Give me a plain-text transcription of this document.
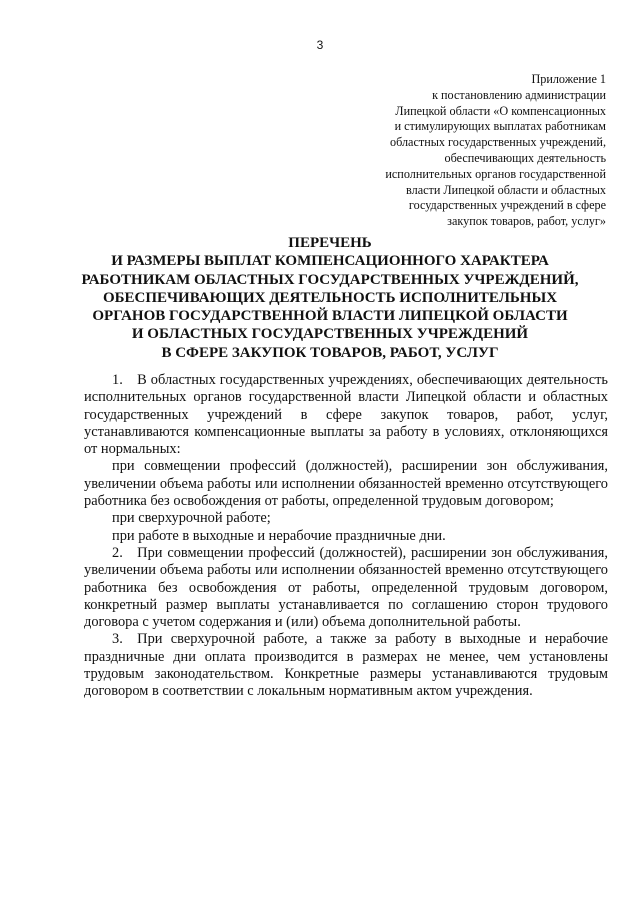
3
Приложение 1
к постановлению администрации
Липецкой области «О компенсационных
и стимулирующих выплатах работникам
областных государственных учреждений,
обеспечивающих деятельность
исполнительных органов государственной
власти Липецкой области и областных
государственных учреждений в сфере
закупок товаров, работ, услуг»
ПЕРЕЧЕНЬ
И РАЗМЕРЫ ВЫПЛАТ КОМПЕНСАЦИОННОГО ХАРАКТЕРА
РАБОТНИКАМ ОБЛАСТНЫХ ГОСУДАРСТВЕННЫХ УЧРЕЖДЕНИЙ,
ОБЕСПЕЧИВАЮЩИХ ДЕЯТЕЛЬНОСТЬ ИСПОЛНИТЕЛЬНЫХ
ОРГАНОВ ГОСУДАРСТВЕННОЙ ВЛАСТИ ЛИПЕЦКОЙ ОБЛАСТИ
И ОБЛАСТНЫХ ГОСУДАРСТВЕННЫХ УЧРЕЖДЕНИЙ
В СФЕРЕ ЗАКУПОК ТОВАРОВ, РАБОТ, УСЛУГ

1. В областных государственных учреждениях, обеспечивающих деятельность исполнительных органов государственной власти Липецкой области и областных государственных учреждений в сфере закупок товаров, работ, услуг, устанавливаются компенсационные выплаты за работу в условиях, отклоняющихся от нормальных:

при совмещении профессий (должностей), расширении зон обслуживания, увеличении объема работы или исполнении обязанностей временно отсутствующего работника без освобождения от работы, определенной трудовым договором;

при сверхурочной работе;

при работе в выходные и нерабочие праздничные дни.

2. При совмещении профессий (должностей), расширении зон обслуживания, увеличении объема работы или исполнении обязанностей временно отсутствующего работника без освобождения от работы, определенной трудовым договором, конкретный размер выплаты устанавливается по соглашению сторон трудового договора с учетом содержания и (или) объема дополнительной работы.

3. При сверхурочной работе, а также за работу в выходные и нерабочие праздничные дни оплата производится в размерах не менее, чем установлены трудовым законодательством. Конкретные размеры устанавливаются трудовым договором в соответствии с локальным нормативным актом учреждения.
